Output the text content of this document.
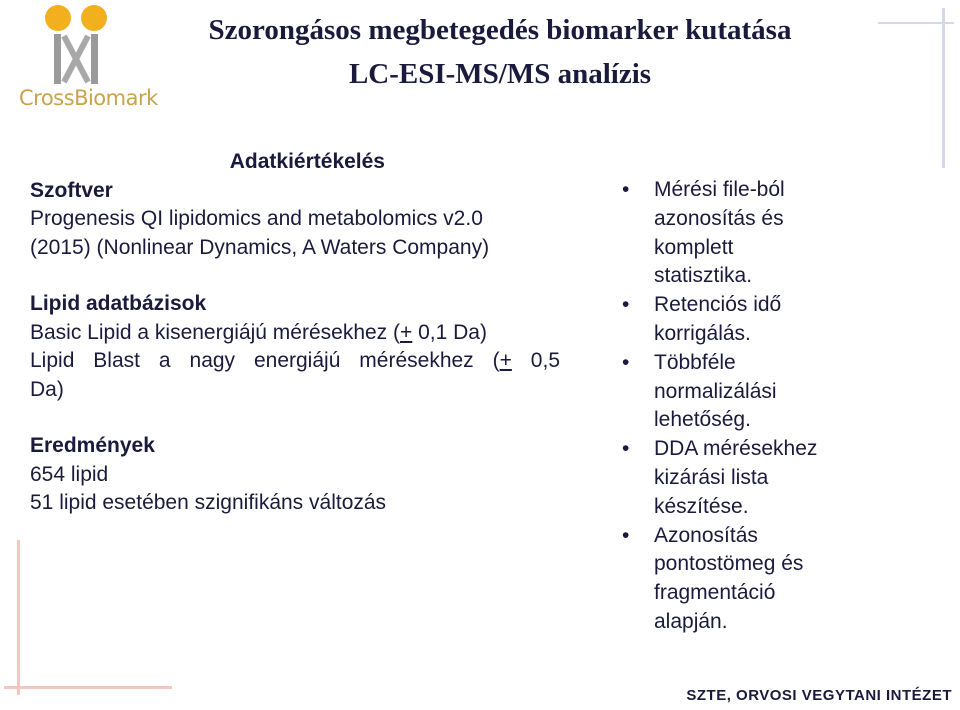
CrossBiomark
Szorongásos megbetegedés biomarker kutatása
LC-ESI-MS/MS analízis
Adatkiértékelés
Szoftver
Progenesis QI lipidomics and metabolomics v2.0
(2015) (Nonlinear Dynamics, A Waters Company)
Lipid adatbázisok
Basic Lipid a kisenergiájú mérésekhez (+ 0,1 Da)
Lipid Blast a nagy energiájú mérésekhez (+ 0,5
Da)
Eredmények
654 lipid
51 lipid esetében szignifikáns változás
• Mérési file-ból
azonosítás és
komplett
statisztika.
• Retenciós idő
korrigálás.
• Többféle
normalizálási
lehetőség.
• DDA mérésekhez
kizárási lista
készítése.
• Azonosítás
pontostömeg és
fragmentáció
alapján.
SZTE, ORVOSI VEGYTANI INTÉZET
